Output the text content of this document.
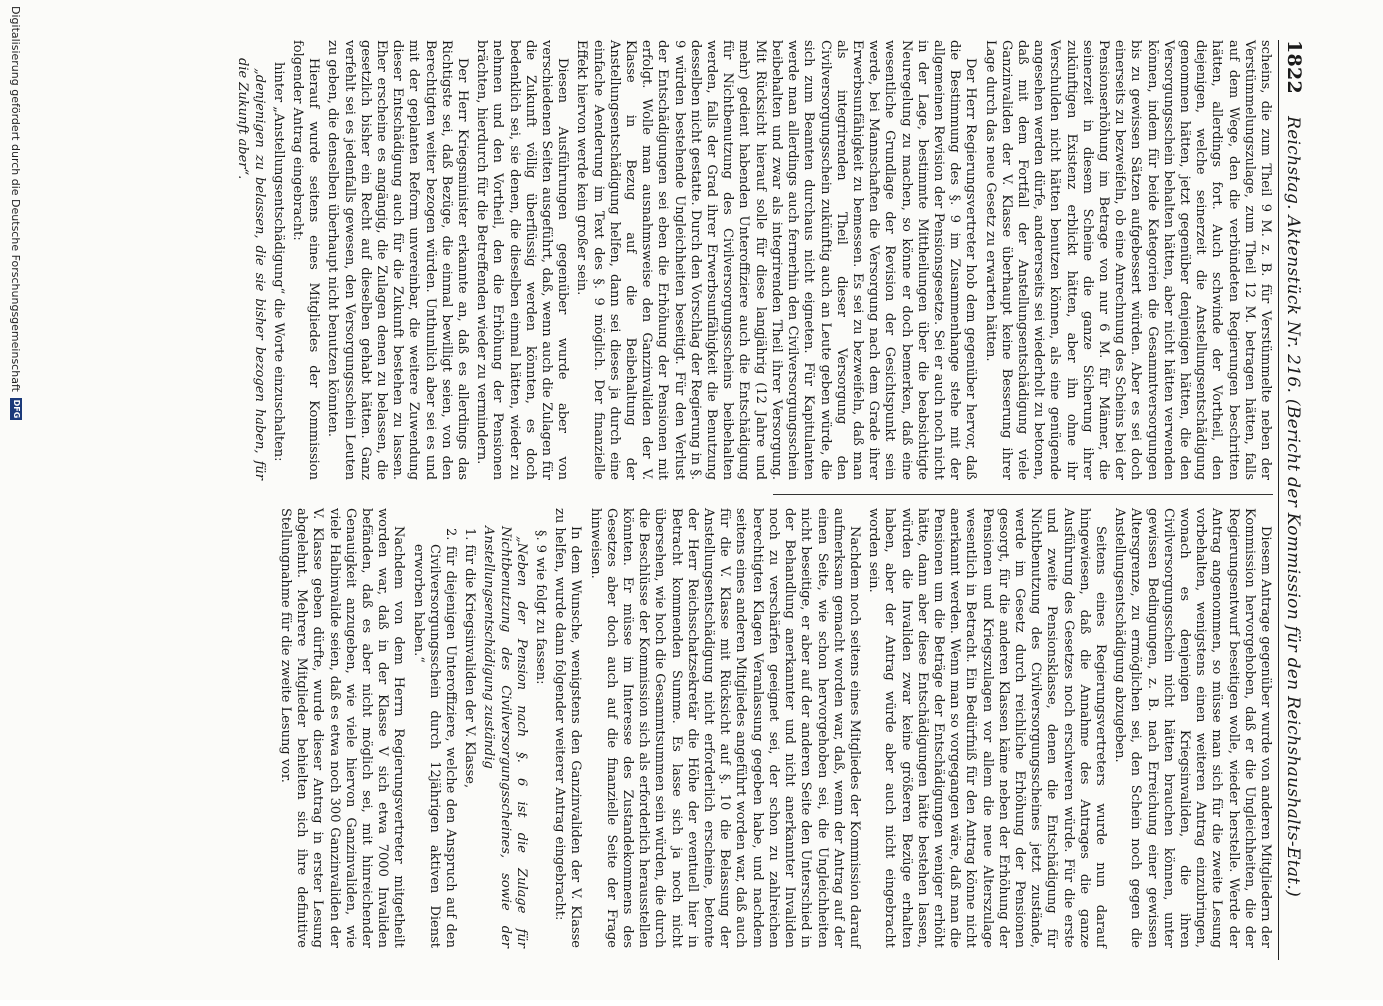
1822
Reichstag. Aktenstück Nr. 216. (Bericht der Kommission für den Reichshaushalts-Etat.)

scheins, die zum Theil 9 M. z. B. für Verstümmelte neben der Verstümmelungszulage, zum Theil 12 M. betragen hätten, falls auf dem Wege, den die verbündeten Regierungen beschritten hätten, allerdings fort. Auch schwinde der Vortheil, den diejenigen, welche seinerzeit die Anstellungsentschädigung genommen hätten, jetzt gegenüber denjenigen hätten, die den Versorgungsschein behalten hätten, aber nicht hätten verwenden können, indem für beide Kategorien die Gesammtversorgungen bis zu gewissen Sätzen aufgebessert würden. Aber es sei doch einerseits zu bezweifeln, ob eine Anrechnung des Scheins bei der Pensionserhöhung im Betrage von nur 6 M. für Männer, die seinerzeit in diesem Scheine die ganze Sicherung ihrer zukünftigen Existenz erblickt hätten, aber ihn ohne ihr Verschulden nicht hätten benutzen können, als eine genügende angesehen werden dürfe, andererseits sei wiederholt zu betonen, daß mit dem Fortfall der Anstellungsentschädigung viele Ganzinvaliden der V. Klasse überhaupt keine Besserung ihrer Lage durch das neue Gesetz zu erwarten hätten.

Der Herr Regierungsvertreter hob dem gegenüber hervor, daß die Bestimmung des §. 9 im Zusammenhange stehe mit der allgemeinen Revision der Pensionsgesetze. Sei er auch noch nicht in der Lage, bestimmte Mittheilungen über die beabsichtigte Neuregelung zu machen, so könne er doch bemerken, daß eine wesentliche Grundlage der Revision der Gesichtspunkt sein werde, bei Mannschaften die Versorgung nach dem Grade ihrer Erwerbsunfähigkeit zu bemessen. Es sei zu bezweifeln, daß man als integrirenden Theil dieser Versorgung den Civilversorgungsschein zukünftig auch an Leute geben würde, die sich zum Beamten durchaus nicht eigneten. Für Kapitulanten werde man allerdings auch fernerhin den Civilversorgungsschein beibehalten und zwar als integrirenden Theil ihrer Versorgung. Mit Rücksicht hierauf solle für diese langjährig (12 Jahre und mehr) gedient habenden Unteroffiziere auch die Entschädigung für Nichtbenutzung des Civilversorgungsscheins beibehalten werden, falls der Grad ihrer Erwerbsunfähigkeit die Benutzung desselben nicht gestatte. Durch den Vorschlag der Regierung in §. 9 würden bestehende Ungleichheiten beseitigt. Für den Verlust der Entschädigungen sei eben die Erhöhung der Pensionen mit erfolgt. Wolle man ausnahmsweise den Ganzinvaliden der V. Klasse in Bezug auf die Beibehaltung der Anstellungsentschädigung helfen, dann sei dieses ja durch eine einfache Aenderung im Text des §. 9 möglich. Der finanzielle Effekt hiervon werde kein großer sein.

Diesen Ausführungen gegenüber wurde aber von verschiedenen Seiten ausgeführt, daß, wenn auch die Zulagen für die Zukunft völlig überflüssig werden könnten, es doch bedenklich sei, sie denen, die dieselben einmal hätten, wieder zu nehmen und den Vortheil, den die Erhöhung der Pensionen brächten, hierdurch für die Betreffenden wieder zu vermindern.

Der Herr Kriegsminister erkannte an, daß es allerdings das Richtigste sei, daß Bezüge, die einmal bewilligt seien, von den Berechtigten weiter bezogen würden. Unthunlich aber sei es und mit der geplanten Reform unvereinbar, die weitere Zuwendung dieser Entschädigung auch für die Zukunft bestehen zu lassen. Eher erscheine es angängig, die Zulagen denen zu belassen, die gesetzlich bisher ein Recht auf dieselben gehabt hätten. Ganz verfehlt sei es jedenfalls gewesen, den Versorgungsschein Leuten zu geben, die denselben überhaupt nicht benutzen könnten.

Hierauf wurde seitens eines Mitgliedes der Kommission folgender Antrag eingebracht:

hinter „Anstellungsentschädigung“ die Worte einzuschalten:

„denjenigen zu belassen, die sie bisher bezogen haben, für die Zukunft aber“.

Diesem Antrage gegenüber wurde von anderen Mitgliedern der Kommission hervorgehoben, daß er die Ungleichheiten, die der Regierungsentwurf beseitigen wolle, wieder herstelle. Werde der Antrag angenommen, so müsse man sich für die zweite Lesung vorbehalten, wenigstens einen weiteren Antrag einzubringen, wonach es denjenigen Kriegsinvaliden, die ihren Civilversorgungsschein nicht hätten brauchen können, unter gewissen Bedingungen, z. B. nach Erreichung einer gewissen Altersgrenze, zu ermöglichen sei, den Schein noch gegen die Anstellungsentschädigung abzugeben.

Seitens eines Regierungsvertreters wurde nun darauf hingewiesen, daß die Annahme des Antrages die ganze Ausführung des Gesetzes noch erschweren würde. Für die erste und zweite Pensionsklasse, denen die Entschädigung für Nichtbenutzung des Civilversorgungsscheines jetzt zustände, werde im Gesetz durch reichliche Erhöhung der Pensionen gesorgt, für die anderen Klassen käme neben der Erhöhung der Pensionen und Kriegszulagen vor allem die neue Alterszulage wesentlich in Betracht. Ein Bedürfniß für den Antrag könne nicht anerkannt werden. Wenn man so vorgegangen wäre, daß man die Pensionen um die Beträge der Entschädigungen weniger erhöht hätte, dann aber diese Entschädigungen hätte bestehen lassen, würden die Invaliden zwar keine größeren Bezüge erhalten haben, aber der Antrag würde aber auch nicht eingebracht worden sein.

Nachdem noch seitens eines Mitgliedes der Kommission darauf aufmerksam gemacht worden war, daß, wenn der Antrag auf der einen Seite, wie schon hervorgehoben sei, die Ungleichheiten nicht beseitige, er aber auf der anderen Seite den Unterschied in der Behandlung anerkannter und nicht anerkannter Invaliden noch zu verschärfen geeignet sei, der schon zu zahlreichen berechtigten Klagen Veranlassung gegeben habe, und nachdem seitens eines anderen Mitgliedes angeführt worden war, daß auch für die V. Klasse mit Rücksicht auf §. 10 die Belassung der Anstellungsentschädigung nicht erforderlich erscheine, betonte der Herr Reichsschatzsekretär die Höhe der eventuell hier in Betracht kommenden Summe. Es lasse sich ja noch nicht übersehen, wie hoch die Gesammtsummen sein würden, die durch die Beschlüsse der Kommission sich als erforderlich herausstellen könnten. Er müsse im Interesse des Zustandekommens des Gesetzes aber doch auch auf die finanzielle Seite der Frage hinweisen.

In dem Wunsche, wenigstens den Ganzinvaliden der V. Klasse zu helfen, wurde dann folgender weiterer Antrag eingebracht:

§. 9 wie folgt zu fassen:

„Neben der Pension nach §. 6 ist die Zulage für Nichtbenutzung des Civilversorgungsscheines, sowie der Anstellungsentschädigung zuständig

1. für die Kriegsinvaliden der V. Klasse,

2. für diejenigen Unteroffiziere, welche den Anspruch auf den Civilversorgungsschein durch 12jährigen aktiven Dienst erworben haben.“

Nachdem von dem Herrn Regierungsvertreter mitgetheilt worden war, daß in der Klasse V sich etwa 7000 Invaliden befänden, daß es aber nicht möglich sei, mit hinreichender Genauigkeit anzugeben, wie viele hiervon Ganzinvaliden, wie viele Halbinvalide seien, daß es etwa noch 300 Ganzinvaliden der V. Klasse geben dürfte, wurde dieser Antrag in erster Lesung abgelehnt. Mehrere Mitglieder behielten sich ihre definitive Stellungnahme für die zweite Lesung vor.

Digitalisierung gefördert durch die Deutsche Forschungsgemeinschaft
DFG
